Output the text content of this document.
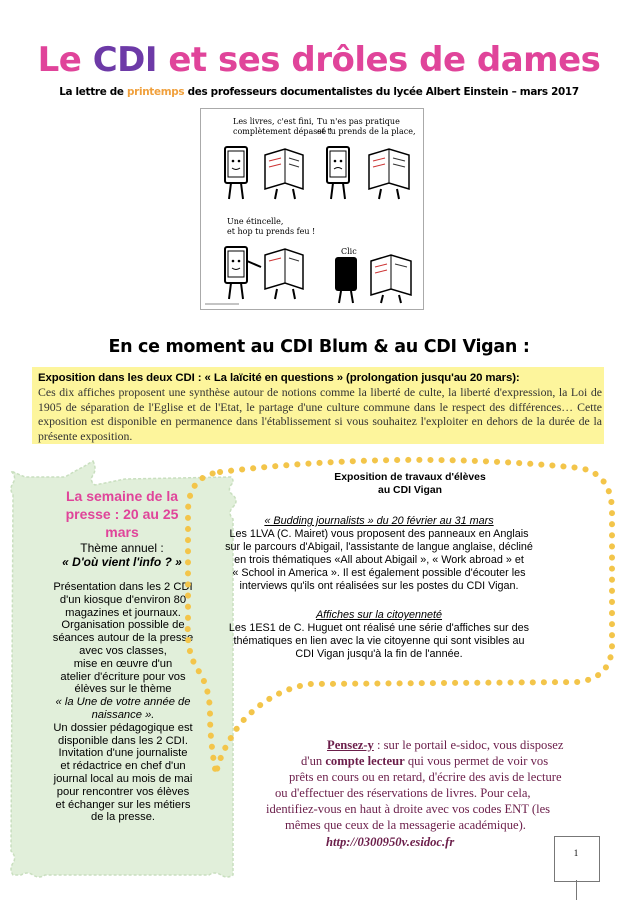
Le CDI et ses drôles de dames
La lettre de printemps des professeurs documentalistes du lycée Albert Einstein – mars 2017
Les livres, c'est fini,
complètement dépassé !
Tu n'es pas pratique
et tu prends de la place,
Une étincelle,
et hop tu prends feu !
Clic
En ce moment au CDI Blum & au CDI Vigan :
Exposition dans les deux CDI : « La laïcité en questions » (prolongation jusqu'au 20 mars):
Ces dix affiches proposent une synthèse autour de notions comme la liberté de culte, la liberté d'expression, la Loi de 1905 de séparation de l'Eglise et de l'Etat, le partage d'une culture commune dans le respect des différences… Cette exposition est disponible en permanence dans l'établissement si vous souhaitez l'exploiter en dehors de la durée de la présente exposition.
La semaine de la
presse : 20 au 25
mars
Thème annuel :
« D'où vient l'info ? »
Présentation dans les 2 CDI
d'un kiosque d'environ 80
magazines et journaux.
Organisation possible de
séances autour de la presse
avec vos classes,
mise en œuvre d'un
atelier d'écriture pour vos
élèves sur le thème
« la Une de votre année de
naissance ».
Un dossier pédagogique est
disponible dans les 2 CDI.
Invitation d'une journaliste
et rédactrice en chef d'un
journal local au mois de mai
pour rencontrer vos élèves
et échanger sur les métiers
de la presse.
Exposition de travaux d'élèves
au CDI Vigan
« Budding journalists » du 20 février au 31 mars
Les 1LVA (C. Mairet) vous proposent des panneaux en Anglais
sur le parcours d'Abigail, l'assistante de langue anglaise, décliné
en trois thématiques «All about Abigail », « Work abroad » et
« School in America ». Il est également possible d'écouter les
interviews qu'ils ont réalisées sur les postes du CDI Vigan.
Affiches sur la citoyenneté
Les 1ES1 de C. Huguet ont réalisé une série d'affiches sur des
thématiques en lien avec la vie citoyenne qui sont visibles au
CDI Vigan jusqu'à la fin de l'année.
Pensez-y : sur le portail e-sidoc, vous disposez
d'un compte lecteur qui vous permet de voir vos
prêts en cours ou en retard, d'écrire des avis de lecture
ou d'effectuer des réservations de livres. Pour cela,
identifiez-vous en haut à droite avec vos codes ENT (les
mêmes que ceux de la messagerie académique).
http://0300950v.esidoc.fr
1
